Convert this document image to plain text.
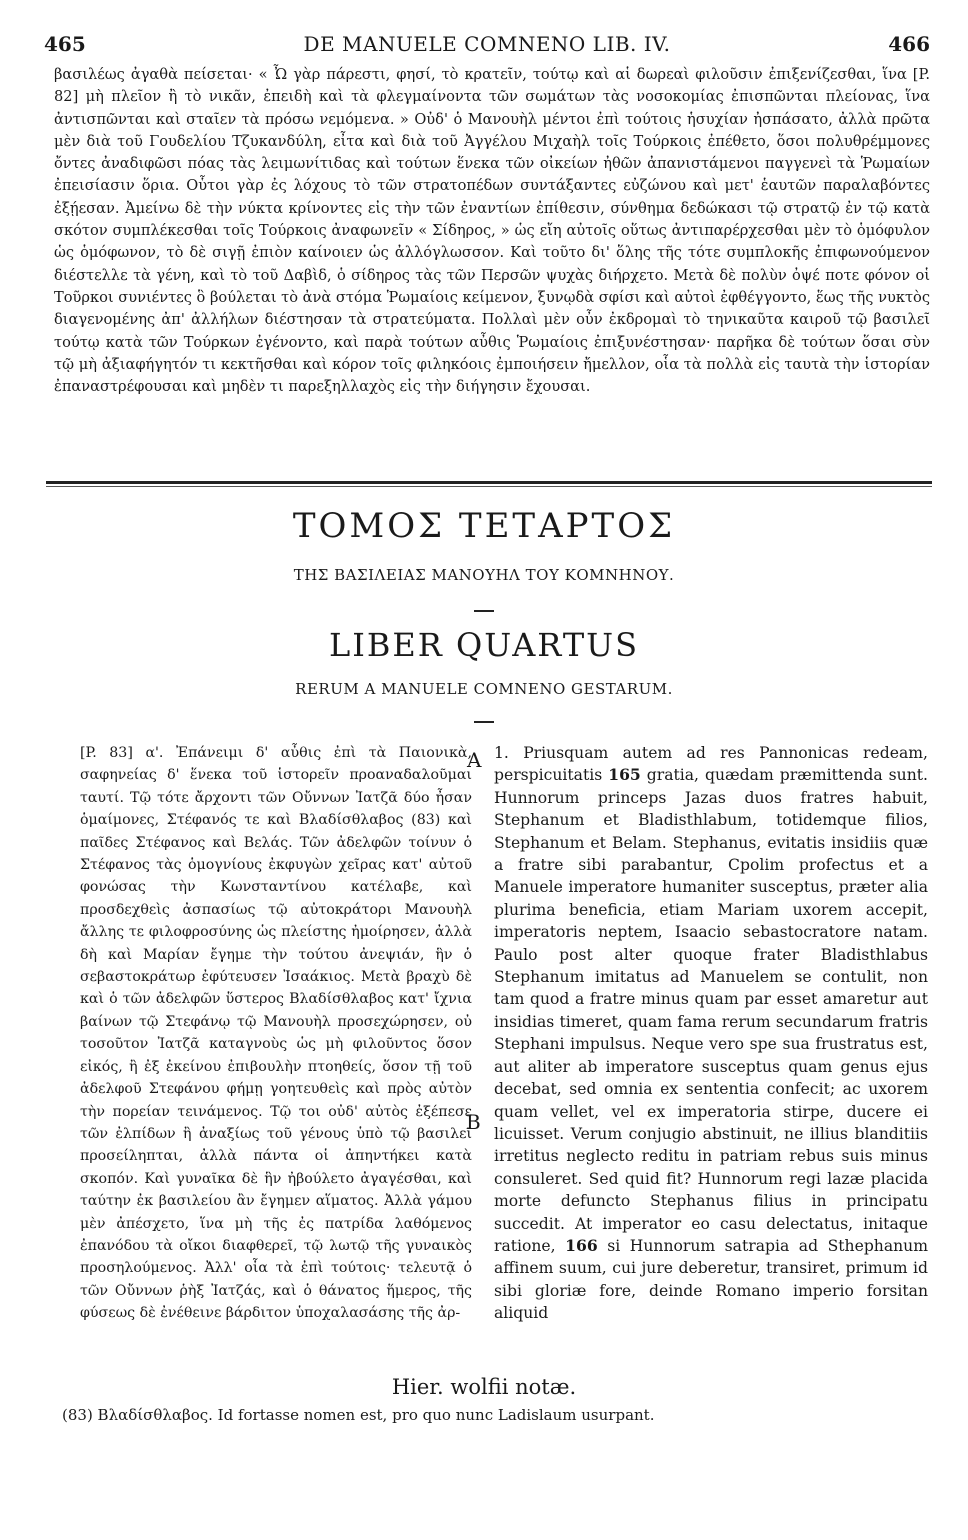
465	DE MANUELE COMNENO LIB. IV.	466

βασιλέως ἀγαθὰ πείσεται· « Ὦ γὰρ πάρεστι, φησί, τὸ κρατεῖν, τούτῳ καὶ αἱ δωρεαὶ φιλοῦσιν ἐπιξενίζεσθαι, ἵνα [P. 82] μὴ πλεῖον ἢ τὸ νικᾶν, ἐπειδὴ καὶ τὰ φλεγμαίνοντα τῶν σωμάτων τὰς νοσοκομίας ἐπισπῶνται πλείονας, ἵνα ἀντισπῶνται καὶ σταῖεν τὰ πρόσω νεμόμενα. » Οὐδ' ὁ Μανουὴλ μέντοι ἐπὶ τούτοις ἡσυχίαν ἠσπάσατο, ἀλλὰ πρῶτα μὲν διὰ τοῦ Γουδελίου Τζυκανδύλη, εἶτα καὶ διὰ τοῦ Ἀγγέλου Μιχαὴλ τοῖς Τούρκοις ἐπέθετο, ὅσοι πολυθρέμμονες ὄντες ἀναδιφῶσι πόας τὰς λειμωνίτιδας καὶ τούτων ἕνεκα τῶν οἰκείων ἠθῶν ἀπανιστάμενοι παγγενεὶ τὰ Ῥωμαίων ἐπεισίασιν ὅρια. Οὗτοι γὰρ ἐς λόχους τὸ τῶν στρατοπέδων συντάξαντες εὐζώνου καὶ μετ' ἑαυτῶν παραλαβόντες ἐξῄεσαν. Ἀμείνω δὲ τὴν νύκτα κρίνοντες εἰς τὴν τῶν ἐναντίων ἐπίθεσιν, σύνθημα δεδώκασι τῷ στρατῷ ἐν τῷ κατὰ σκότον συμπλέκεσθαι τοῖς Τούρκοις ἀναφωνεῖν « Σίδηρος, » ὡς εἴη αὐτοῖς οὕτως ἀντιπαρέρχεσθαι μὲν τὸ ὁμόφυλον ὡς ὁμόφωνον, τὸ δὲ σιγῇ ἐπιὸν καίνοιεν ὡς ἀλλόγλωσσον. Καὶ τοῦτο δι' ὅλης τῆς τότε συμπλοκῆς ἐπιφωνούμενον διέστελλε τὰ γένη, καὶ τὸ τοῦ Δαβὶδ, ὁ σίδηρος τὰς τῶν Περσῶν ψυχὰς διήρχετο. Μετὰ δὲ πολὺν ὀψέ ποτε φόνον οἱ Τοῦρκοι συνιέντες ὃ βούλεται τὸ ἀνὰ στόμα Ῥωμαίοις κείμενον, ξυνῳδὰ σφίσι καὶ αὐτοὶ ἐφθέγγοντο, ἕως τῆς νυκτὸς διαγενομένης ἀπ' ἀλλήλων διέστησαν τὰ στρατεύματα. Πολλαὶ μὲν οὖν ἐκδρομαὶ τὸ τηνικαῦτα καιροῦ τῷ βασιλεῖ τούτῳ κατὰ τῶν Τούρκων ἐγένοντο, καὶ παρὰ τούτων αὖθις Ῥωμαίοις ἐπιξυνέστησαν· παρῆκα δὲ τούτων ὅσαι σὺν τῷ μὴ ἀξιαφήγητόν τι κεκτῆσθαι καὶ κόρον τοῖς φιληκόοις ἐμποιήσειν ἤμελλον, οἷα τὰ πολλὰ εἰς ταυτὰ τὴν ἱστορίαν ἐπαναστρέφουσαι καὶ μηδὲν τι παρεξηλλαχὸς εἰς τὴν διήγησιν ἔχουσαι.

ΤΟΜΟΣ ΤΕΤΑΡΤΟΣ
ΤΗΣ ΒΑΣΙΛΕΙΑΣ ΜΑΝΟΥΗΛ ΤΟΥ ΚΟΜΝΗΝΟΥ.
LIBER QUARTUS
RERUM A MANUELE COMNENO GESTARUM.

[P. 83] α'. Ἐπάνειμι δ' αὖθις ἐπὶ τὰ Παιονικὰ, σαφηνείας δ' ἕνεκα τοῦ ἱστορεῖν προαναδαλοῦμαι ταυτί. Τῷ τότε ἄρχοντι τῶν Οὔννων Ἰατζᾶ δύο ἦσαν ὁμαίμονες, Στέφανός τε καὶ Βλαδίσθλαβος (83) καὶ παῖδες Στέφανος καὶ Βελάς. Τῶν ἀδελφῶν τοίνυν ὁ Στέφανος τὰς ὁμογνίους ἐκφυγὼν χεῖρας κατ' αὐτοῦ φονώσας τὴν Κωνσταντίνου κατέλαβε, καὶ προσδεχθεὶς ἀσπασίως τῷ αὐτοκράτορι Μανουὴλ ἄλλης τε φιλοφροσύνης ὡς πλείστης ἠμοίρησεν, ἀλλὰ δὴ καὶ Μαρίαν ἔγημε τὴν τούτου ἀνεψιάν, ἣν ὁ σεβαστοκράτωρ ἐφύτευσεν Ἰσαάκιος. Μετὰ βραχὺ δὲ καὶ ὁ τῶν ἀδελφῶν ὕστερος Βλαδίσθλαβος κατ' ἴχνια βαίνων τῷ Στεφάνῳ τῷ Μανουὴλ προσεχώρησεν, οὐ τοσοῦτον Ἰατζᾶ καταγνοὺς ὡς μὴ φιλοῦντος ὅσον εἰκός, ἢ ἐξ ἐκείνου ἐπιβουλὴν πτοηθείς, ὅσον τῇ τοῦ ἀδελφοῦ Στεφάνου φήμῃ γοητευθεὶς καὶ πρὸς αὐτὸν τὴν πορείαν τεινάμενος. Τῷ τοι οὐδ' αὐτὸς ἐξέπεσε τῶν ἐλπίδων ἢ ἀναξίως τοῦ γένους ὑπὸ τῷ βασιλεῖ προσείληπται, ἀλλὰ πάντα οἱ ἀπηντήκει κατὰ σκοπόν. Καὶ γυναῖκα δὲ ἣν ἠβούλετο ἀγαγέσθαι, καὶ ταύτην ἐκ βασιλείου ἂν ἔγημεν αἵματος. Ἀλλὰ γάμου μὲν ἀπέσχετο, ἵνα μὴ τῆς ἐς πατρίδα λαθόμενος ἐπανόδου τὰ οἴκοι διαφθερεῖ, τῷ λωτῷ τῆς γυναικὸς προσηλούμενος. Ἀλλ' οἷα τὰ ἐπὶ τούτοις· τελευτᾷ ὁ τῶν Οὔννων ῥὴξ Ἰατζάς, καὶ ὁ θάνατος ἥμερος, τῆς φύσεως δὲ ἐνέθεινε βάρδιτον ὑποχαλασάσης τῆς ἀρ-

A
B

1. Priusquam autem ad res Pannonicas redeam, perspicuitatis 165 gratia, quædam præmittenda sunt. Hunnorum princeps Jazas duos fratres habuit, Stephanum et Bladisthlabum, totidemque filios, Stephanum et Belam. Stephanus, evitatis insidiis quæ a fratre sibi parabantur, Cpolim profectus et a Manuele imperatore humaniter susceptus, præter alia plurima beneficia, etiam Mariam uxorem accepit, imperatoris neptem, Isaacio sebastocratore natam. Paulo post alter quoque frater Bladisthlabus Stephanum imitatus ad Manuelem se contulit, non tam quod a fratre minus quam par esset amaretur aut insidias timeret, quam fama rerum secundarum fratris Stephani impulsus. Neque vero spe sua frustratus est, aut aliter ab imperatore susceptus quam genus ejus decebat, sed omnia ex sententia confecit; ac uxorem quam vellet, vel ex imperatoria stirpe, ducere ei licuisset. Verum conjugio abstinuit, ne illius blanditiis irretitus neglecto reditu in patriam rebus suis minus consuleret. Sed quid fit? Hunnorum regi lazæ placida morte defuncto Stephanus filius in principatu succedit. At imperator eo casu delectatus, initaque ratione, 166 si Hunnorum satrapia ad Sthephanum affinem suum, cui jure deberetur, transiret, primum id sibi gloriæ fore, deinde Romano imperio forsitan aliquid

Hier. wolfii notæ.
(83) Βλαδίσθλαβος. Id fortasse nomen est, pro quo nunc Ladislaum usurpant.
